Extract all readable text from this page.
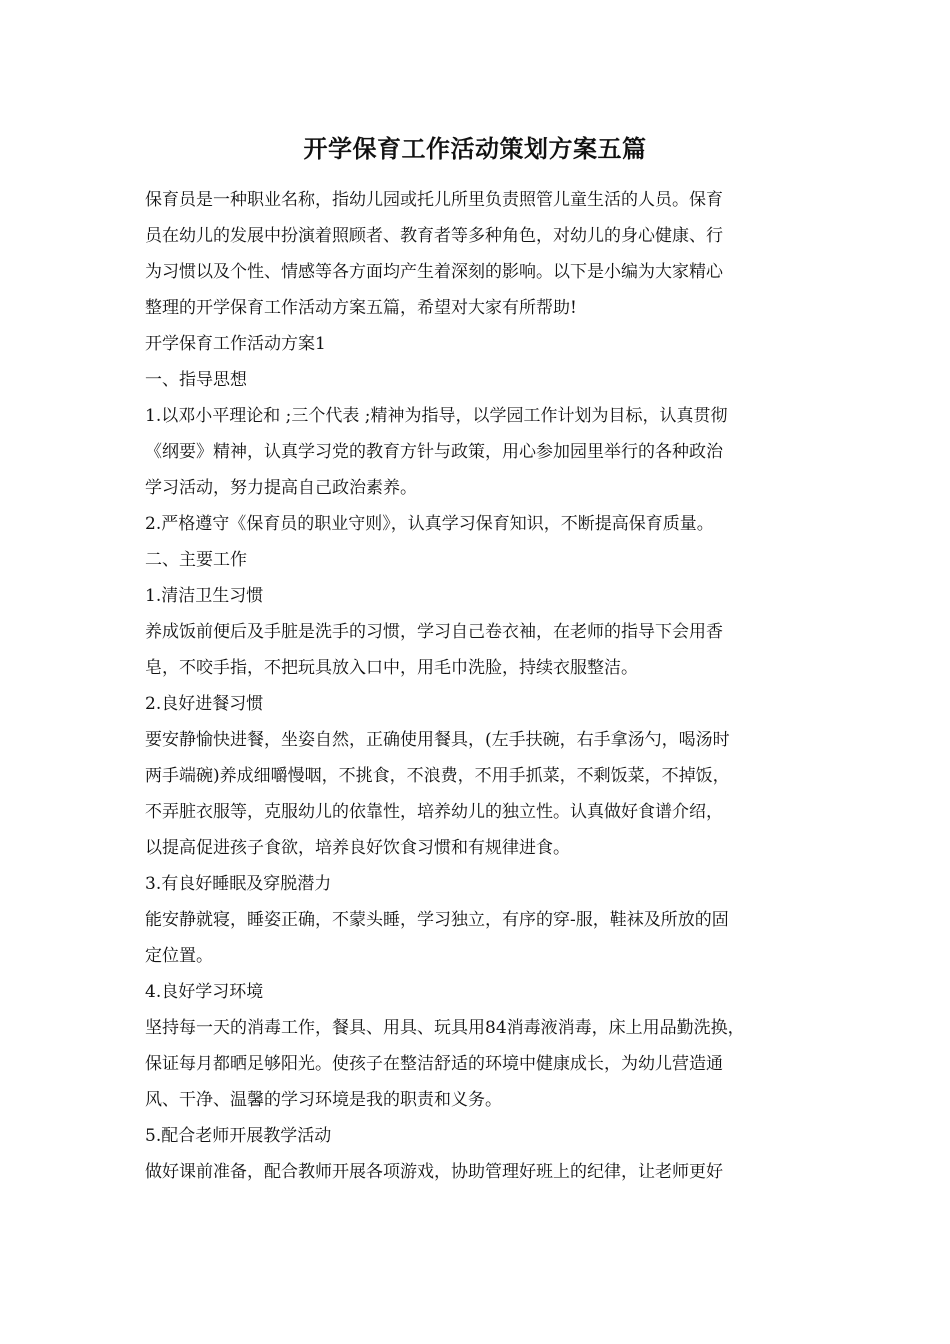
开学保育工作活动策划方案五篇
保育员是一种职业名称，指幼儿园或托儿所里负责照管儿童生活的人员。保育
员在幼儿的发展中扮演着照顾者、教育者等多种角色，对幼儿的身心健康、行
为习惯以及个性、情感等各方面均产生着深刻的影响。以下是小编为大家精心
整理的开学保育工作活动方案五篇，希望对大家有所帮助!
开学保育工作活动方案1
一、指导思想
1.以邓小平理论和 ;三个代表 ;精神为指导，以学园工作计划为目标，认真贯彻
《纲要》精神，认真学习党的教育方针与政策，用心参加园里举行的各种政治
学习活动，努力提高自己政治素养。
2.严格遵守《保育员的职业守则》，认真学习保育知识，不断提高保育质量。
二、主要工作
1.清洁卫生习惯
养成饭前便后及手脏是洗手的习惯，学习自己卷衣袖，在老师的指导下会用香
皂，不咬手指，不把玩具放入口中，用毛巾洗脸，持续衣服整洁。
2.良好进餐习惯
要安静愉快进餐，坐姿自然，正确使用餐具，(左手扶碗，右手拿汤勺，喝汤时
两手端碗)养成细嚼慢咽，不挑食，不浪费，不用手抓菜，不剩饭菜，不掉饭，
不弄脏衣服等，克服幼儿的依靠性，培养幼儿的独立性。认真做好食谱介绍，
以提高促进孩子食欲，培养良好饮食习惯和有规律进食。
3.有良好睡眠及穿脱潜力
能安静就寝，睡姿正确，不蒙头睡，学习独立，有序的穿-服，鞋袜及所放的固
定位置。
4.良好学习环境
坚持每一天的消毒工作，餐具、用具、玩具用84消毒液消毒，床上用品勤洗换，
保证每月都晒足够阳光。使孩子在整洁舒适的环境中健康成长，为幼儿营造通
风、干净、温馨的学习环境是我的职责和义务。
5.配合老师开展教学活动
做好课前准备，配合教师开展各项游戏，协助管理好班上的纪律，让老师更好
